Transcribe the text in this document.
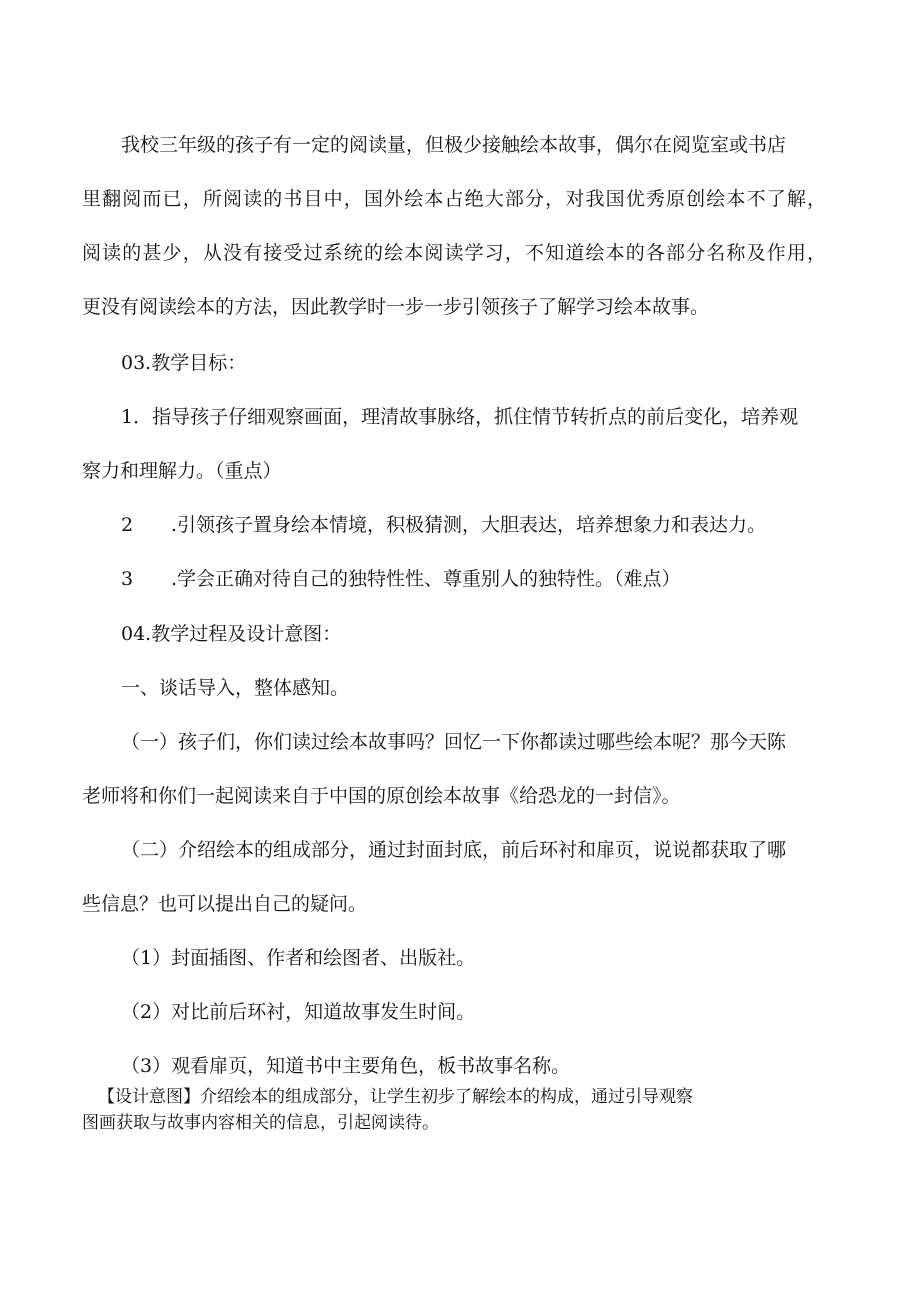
我校三年级的孩子有一定的阅读量，但极少接触绘本故事，偶尔在阅览室或书店

里翻阅而已，所阅读的书目中，国外绘本占绝大部分，对我国优秀原创绘本不了解，

阅读的甚少，从没有接受过系统的绘本阅读学习，不知道绘本的各部分名称及作用，

更没有阅读绘本的方法，因此教学时一步一步引领孩子了解学习绘本故事。

03.教学目标：

1．指导孩子仔细观察画面，理清故事脉络，抓住情节转折点的前后变化，培养观

察力和理解力。（重点）

2 .引领孩子置身绘本情境，积极猜测，大胆表达，培养想象力和表达力。

3 .学会正确对待自己的独特性性、尊重别人的独特性。（难点）

04.教学过程及设计意图：

一、谈话导入，整体感知。

（一）孩子们，你们读过绘本故事吗？回忆一下你都读过哪些绘本呢？那今天陈

老师将和你们一起阅读来自于中国的原创绘本故事《给恐龙的一封信》。

（二）介绍绘本的组成部分，通过封面封底，前后环衬和扉页，说说都获取了哪

些信息？也可以提出自己的疑问。

（1）封面插图、作者和绘图者、出版社。

（2）对比前后环衬，知道故事发生时间。

（3）观看扉页，知道书中主要角色，板书故事名称。

【设计意图】介绍绘本的组成部分，让学生初步了解绘本的构成，通过引导观察

图画获取与故事内容相关的信息，引起阅读待。
